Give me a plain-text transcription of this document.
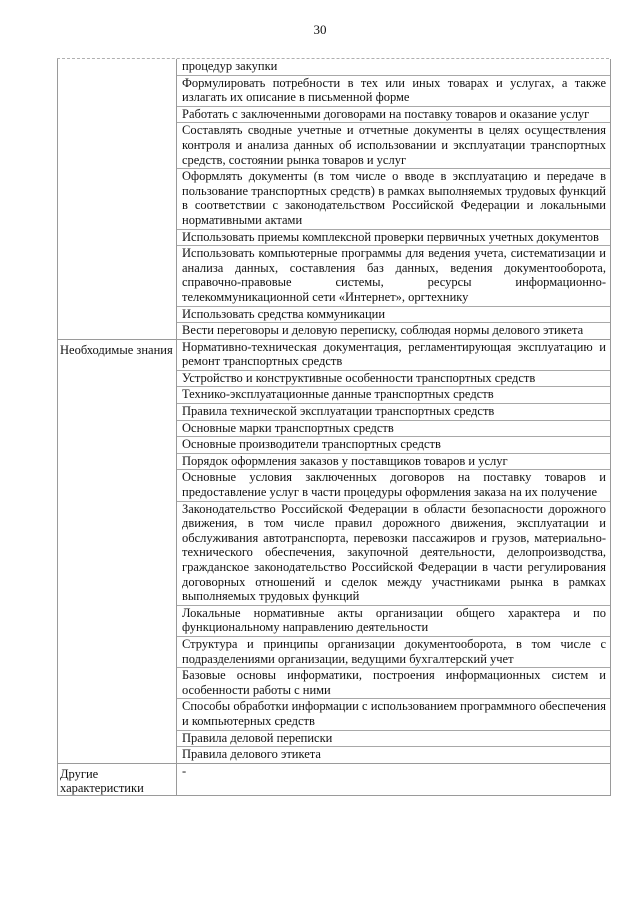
30
процедур закупки
Формулировать потребности в тех или иных товарах и услугах, а также излагать их описание в письменной форме
Работать с заключенными договорами на поставку товаров и оказание услуг
Составлять сводные учетные и отчетные документы в целях осуществления контроля и анализа данных об использовании и эксплуатации транспортных средств, состоянии рынка товаров и услуг
Оформлять документы (в том числе о вводе в эксплуатацию и передаче в пользование транспортных средств) в рамках выполняемых трудовых функций в соответствии с законодательством Российской Федерации и локальными нормативными актами
Использовать приемы комплексной проверки первичных учетных документов
Использовать компьютерные программы для ведения учета, систематизации и анализа данных, составления баз данных, ведения документооборота, справочно-правовые системы, ресурсы информационно-телекоммуникационной сети «Интернет», оргтехнику
Использовать средства коммуникации
Вести переговоры и деловую переписку, соблюдая нормы делового этикета
Необходимые знания Нормативно-техническая документация, регламентирующая эксплуатацию и ремонт транспортных средств
Устройство и конструктивные особенности транспортных средств
Технико-эксплуатационные данные транспортных средств
Правила технической эксплуатации транспортных средств
Основные марки транспортных средств
Основные производители транспортных средств
Порядок оформления заказов у поставщиков товаров и услуг
Основные условия заключенных договоров на поставку товаров и предоставление услуг в части процедуры оформления заказа на их получение
Законодательство Российской Федерации в области безопасности дорожного движения, в том числе правил дорожного движения, эксплуатации и обслуживания автотранспорта, перевозки пассажиров и грузов, материально-технического обеспечения, закупочной деятельности, делопроизводства, гражданское законодательство Российской Федерации в части регулирования договорных отношений и сделок между участниками рынка в рамках выполняемых трудовых функций
Локальные нормативные акты организации общего характера и по функциональному направлению деятельности
Структура и принципы организации документооборота, в том числе с подразделениями организации, ведущими бухгалтерский учет
Базовые основы информатики, построения информационных систем и особенности работы с ними
Способы обработки информации с использованием программного обеспечения и компьютерных средств
Правила деловой переписки
Правила делового этикета
Другие характеристики
-
